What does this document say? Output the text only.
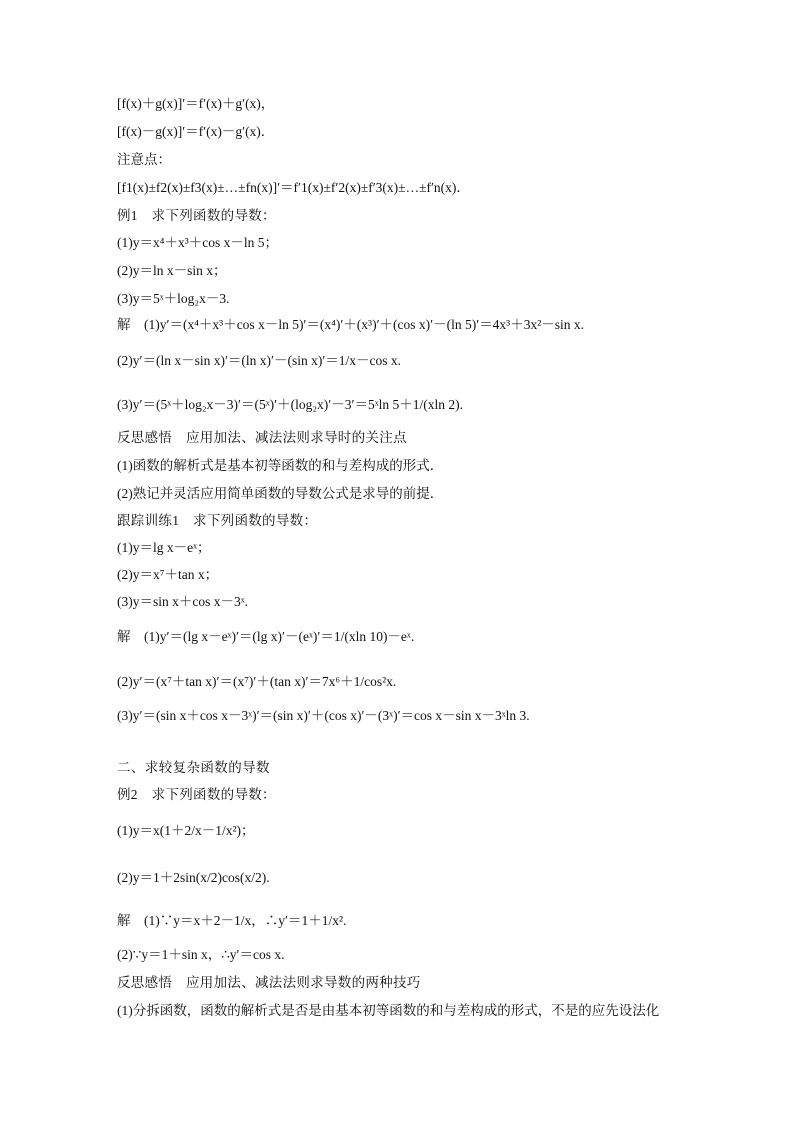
[f(x)＋g(x)]′＝f′(x)＋g′(x)，
[f(x)－g(x)]′＝f′(x)－g′(x)．
注意点：
[f1(x)±f2(x)±f3(x)±…±fn(x)]′＝f′1(x)±f′2(x)±f′3(x)±…±f′n(x)．
例1　求下列函数的导数：
(1)y＝x⁴＋x³＋cos x－ln 5；
(2)y＝ln x－sin x；
(3)y＝5ˣ＋log₂x－3.
解　(1)y′＝(x⁴＋x³＋cos x－ln 5)′＝(x⁴)′＋(x³)′＋(cos x)′－(ln 5)′＝4x³＋3x²－sin x.
(2)y′＝(ln x－sin x)′＝(ln x)′－(sin x)′＝1/x－cos x.
(3)y′＝(5ˣ＋log₂x－3)′＝(5ˣ)′＋(log₂x)′－3′＝5ˣln 5＋1/(xln 2).
反思感悟　应用加法、减法法则求导时的关注点
(1)函数的解析式是基本初等函数的和与差构成的形式．
(2)熟记并灵活应用简单函数的导数公式是求导的前提．
跟踪训练1　求下列函数的导数：
(1)y＝lg x－eˣ；
(2)y＝x⁷＋tan x；
(3)y＝sin x＋cos x－3ˣ.
解　(1)y′＝(lg x－eˣ)′＝(lg x)′－(eˣ)′＝1/(xln 10)－eˣ.
(2)y′＝(x⁷＋tan x)′＝(x⁷)′＋(tan x)′＝7x⁶＋1/cos²x.
(3)y′＝(sin x＋cos x－3ˣ)′＝(sin x)′＋(cos x)′－(3ˣ)′＝cos x－sin x－3ˣln 3.
二、求较复杂函数的导数
例2　求下列函数的导数：
(1)y＝x(1＋2/x－1/x²)；
(2)y＝1＋2sin(x/2)cos(x/2).
解　(1)∵y＝x＋2－1/x，∴y′＝1＋1/x².
(2)∵y＝1＋sin x，∴y′＝cos x.
反思感悟　应用加法、减法法则求导数的两种技巧
(1)分拆函数，函数的解析式是否是由基本初等函数的和与差构成的形式，不是的应先设法化
